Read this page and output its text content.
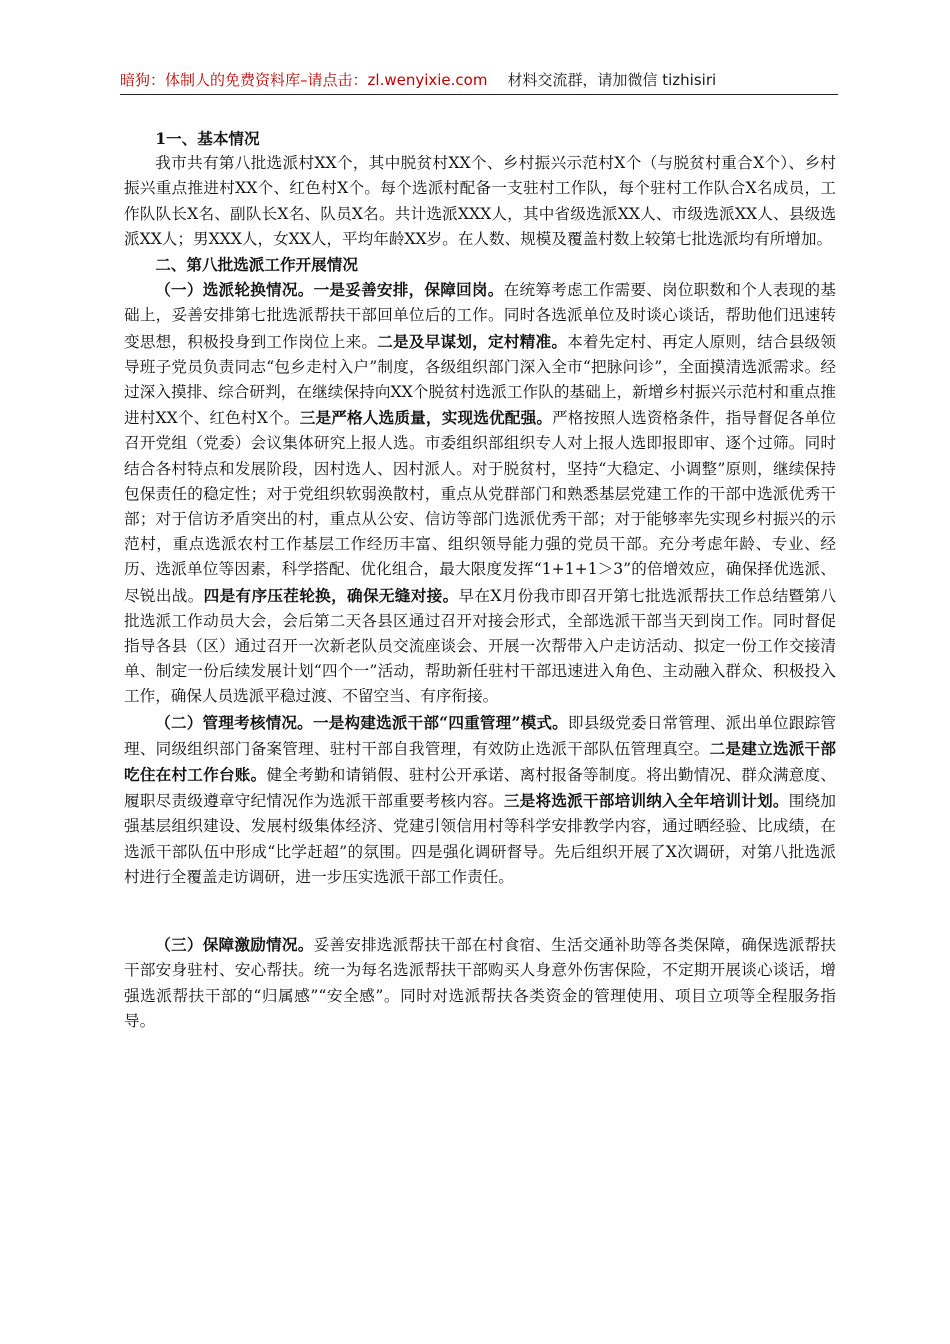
暗狗：体制人的免费资料库–请点击：zl.wenyixie.com 材料交流群，请加微信 tizhisiri

1一、基本情况

我市共有第八批选派村XX个，其中脱贫村XX个、乡村振兴示范村X个（与脱贫村重合X个）、乡村振兴重点推进村XX个、红色村X个。每个选派村配备一支驻村工作队，每个驻村工作队合X名成员，工作队队长X名、副队长X名、队员X名。共计选派XXX人，其中省级选派XX人、市级选派XX人、县级选派XX人；男XXX人，女XX人，平均年龄XX岁。在人数、规模及覆盖村数上较第七批选派均有所增加。

二、第八批选派工作开展情况

（一）选派轮换情况。一是妥善安排，保障回岗。在统筹考虑工作需要、岗位职数和个人表现的基础上，妥善安排第七批选派帮扶干部回单位后的工作。同时各选派单位及时谈心谈话，帮助他们迅速转变思想，积极投身到工作岗位上来。二是及早谋划，定村精准。本着先定村、再定人原则，结合县级领导班子党员负责同志“包乡走村入户”制度，各级组织部门深入全市“把脉问诊”，全面摸清选派需求。经过深入摸排、综合研判，在继续保持向XX个脱贫村选派工作队的基础上，新增乡村振兴示范村和重点推进村XX个、红色村X个。三是严格人选质量，实现选优配强。严格按照人选资格条件，指导督促各单位召开党组（党委）会议集体研究上报人选。市委组织部组织专人对上报人选即报即审、逐个过筛。同时结合各村特点和发展阶段，因村选人、因村派人。对于脱贫村，坚持“大稳定、小调整”原则，继续保持包保责任的稳定性；对于党组织软弱涣散村，重点从党群部门和熟悉基层党建工作的干部中选派优秀干部；对于信访矛盾突出的村，重点从公安、信访等部门选派优秀干部；对于能够率先实现乡村振兴的示范村，重点选派农村工作基层工作经历丰富、组织领导能力强的党员干部。充分考虑年龄、专业、经历、选派单位等因素，科学搭配、优化组合，最大限度发挥“1+1+1＞3”的倍增效应，确保择优选派、尽锐出战。四是有序压茬轮换，确保无缝对接。早在X月份我市即召开第七批选派帮扶工作总结暨第八批选派工作动员大会，会后第二天各县区通过召开对接会形式，全部选派干部当天到岗工作。同时督促指导各县（区）通过召开一次新老队员交流座谈会、开展一次帮带入户走访活动、拟定一份工作交接清单、制定一份后续发展计划“四个一”活动，帮助新任驻村干部迅速进入角色、主动融入群众、积极投入工作，确保人员选派平稳过渡、不留空当、有序衔接。

（二）管理考核情况。一是构建选派干部“四重管理”模式。即县级党委日常管理、派出单位跟踪管理、同级组织部门备案管理、驻村干部自我管理，有效防止选派干部队伍管理真空。二是建立选派干部吃住在村工作台账。健全考勤和请销假、驻村公开承诺、离村报备等制度。将出勤情况、群众满意度、履职尽责级遵章守纪情况作为选派干部重要考核内容。三是将选派干部培训纳入全年培训计划。围绕加强基层组织建设、发展村级集体经济、党建引领信用村等科学安排教学内容，通过晒经验、比成绩，在选派干部队伍中形成“比学赶超”的氛围。四是强化调研督导。先后组织开展了X次调研，对第八批选派村进行全覆盖走访调研，进一步压实选派干部工作责任。

（三）保障激励情况。妥善安排选派帮扶干部在村食宿、生活交通补助等各类保障，确保选派帮扶干部安身驻村、安心帮扶。统一为每名选派帮扶干部购买人身意外伤害保险，不定期开展谈心谈话，增强选派帮扶干部的“归属感”“安全感”。同时对选派帮扶各类资金的管理使用、项目立项等全程服务指导。
